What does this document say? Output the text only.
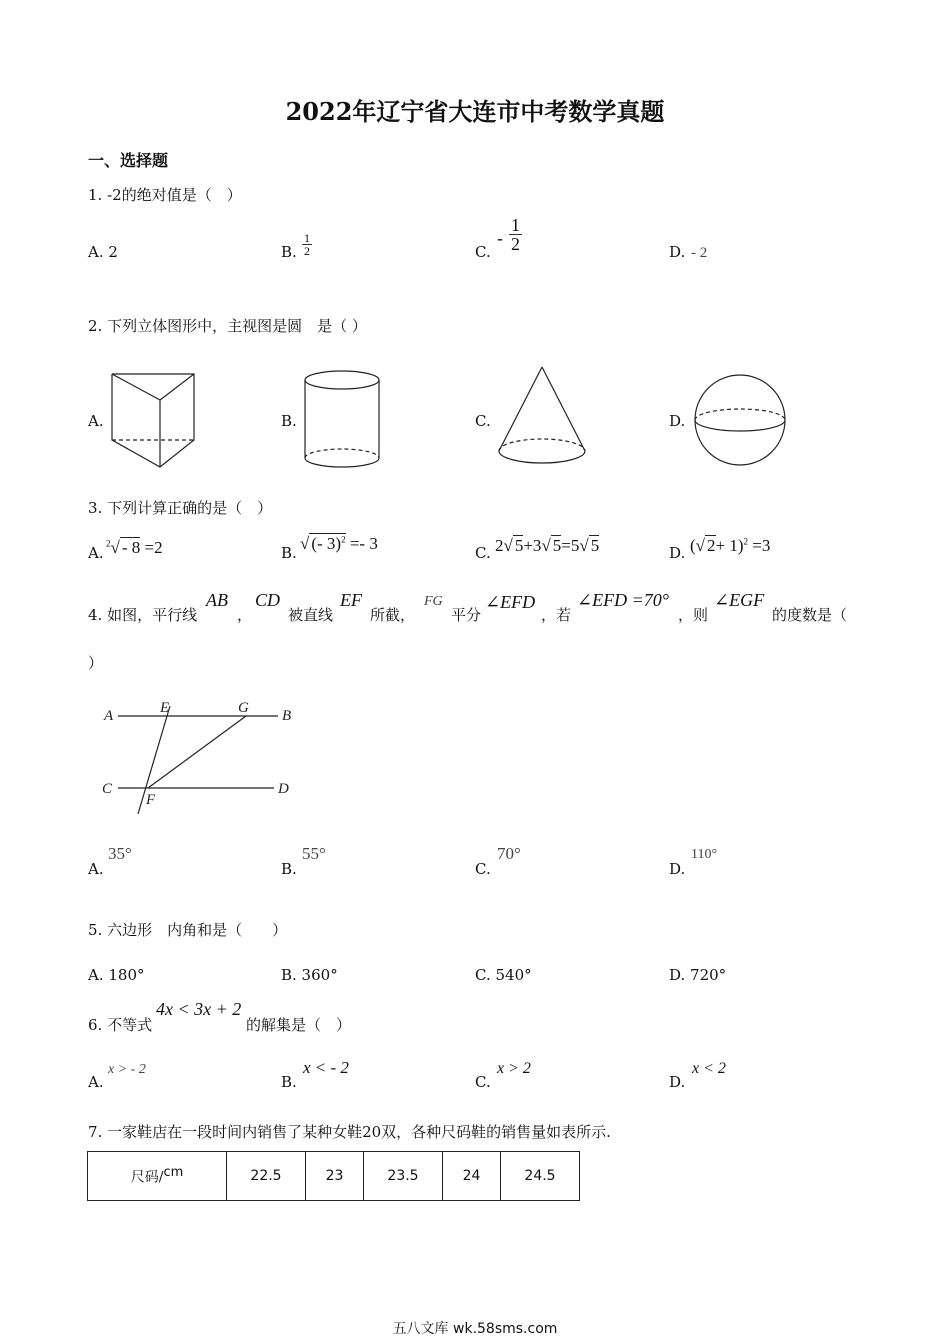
2022年辽宁省大连市中考数学真题
一、选择题
1. -2的绝对值是（　）
A. 2	B. $\frac{1}{2}$	C.
- $\frac{1}{2}$	D. - 2
2. 下列立体图形中，主视图是圆　是（ ）
A.	B.	C.	D.
3. 下列计算正确的是（　）
A.
$^2$√ - 8 =2	B. √ (- 3)$^2$ =- 3	C. 2√ 5+3√ 5=5√ 5	D. (√ 2+ 1)$^2$ =3
4. 如图，平行线
AB
，
CD
被直线
EF
所截，
FG
平分
∠EFD
，若
∠EFD =70°
，则
∠EGF
的度数是（
）
A	E	G B
C
F
D
A.
35°
B.
55°
C.
70°
D.
110°
5. 六边形　内角和是（　　）
A. 180°	B. 360°	C. 540°	D. 720°
6. 不等式
4x < 3x + 2
的解集是（　）
A.
x > - 2
B.
x < - 2
C.
x > 2
D.
x < 2
7. 一家鞋店在一段时间内销售了某种女鞋20双，各种尺码鞋的销售量如表所示.
尺码/$^{cm}$	22.5	23	23.5	24	24.5
五八文库 wk.58sms.com
